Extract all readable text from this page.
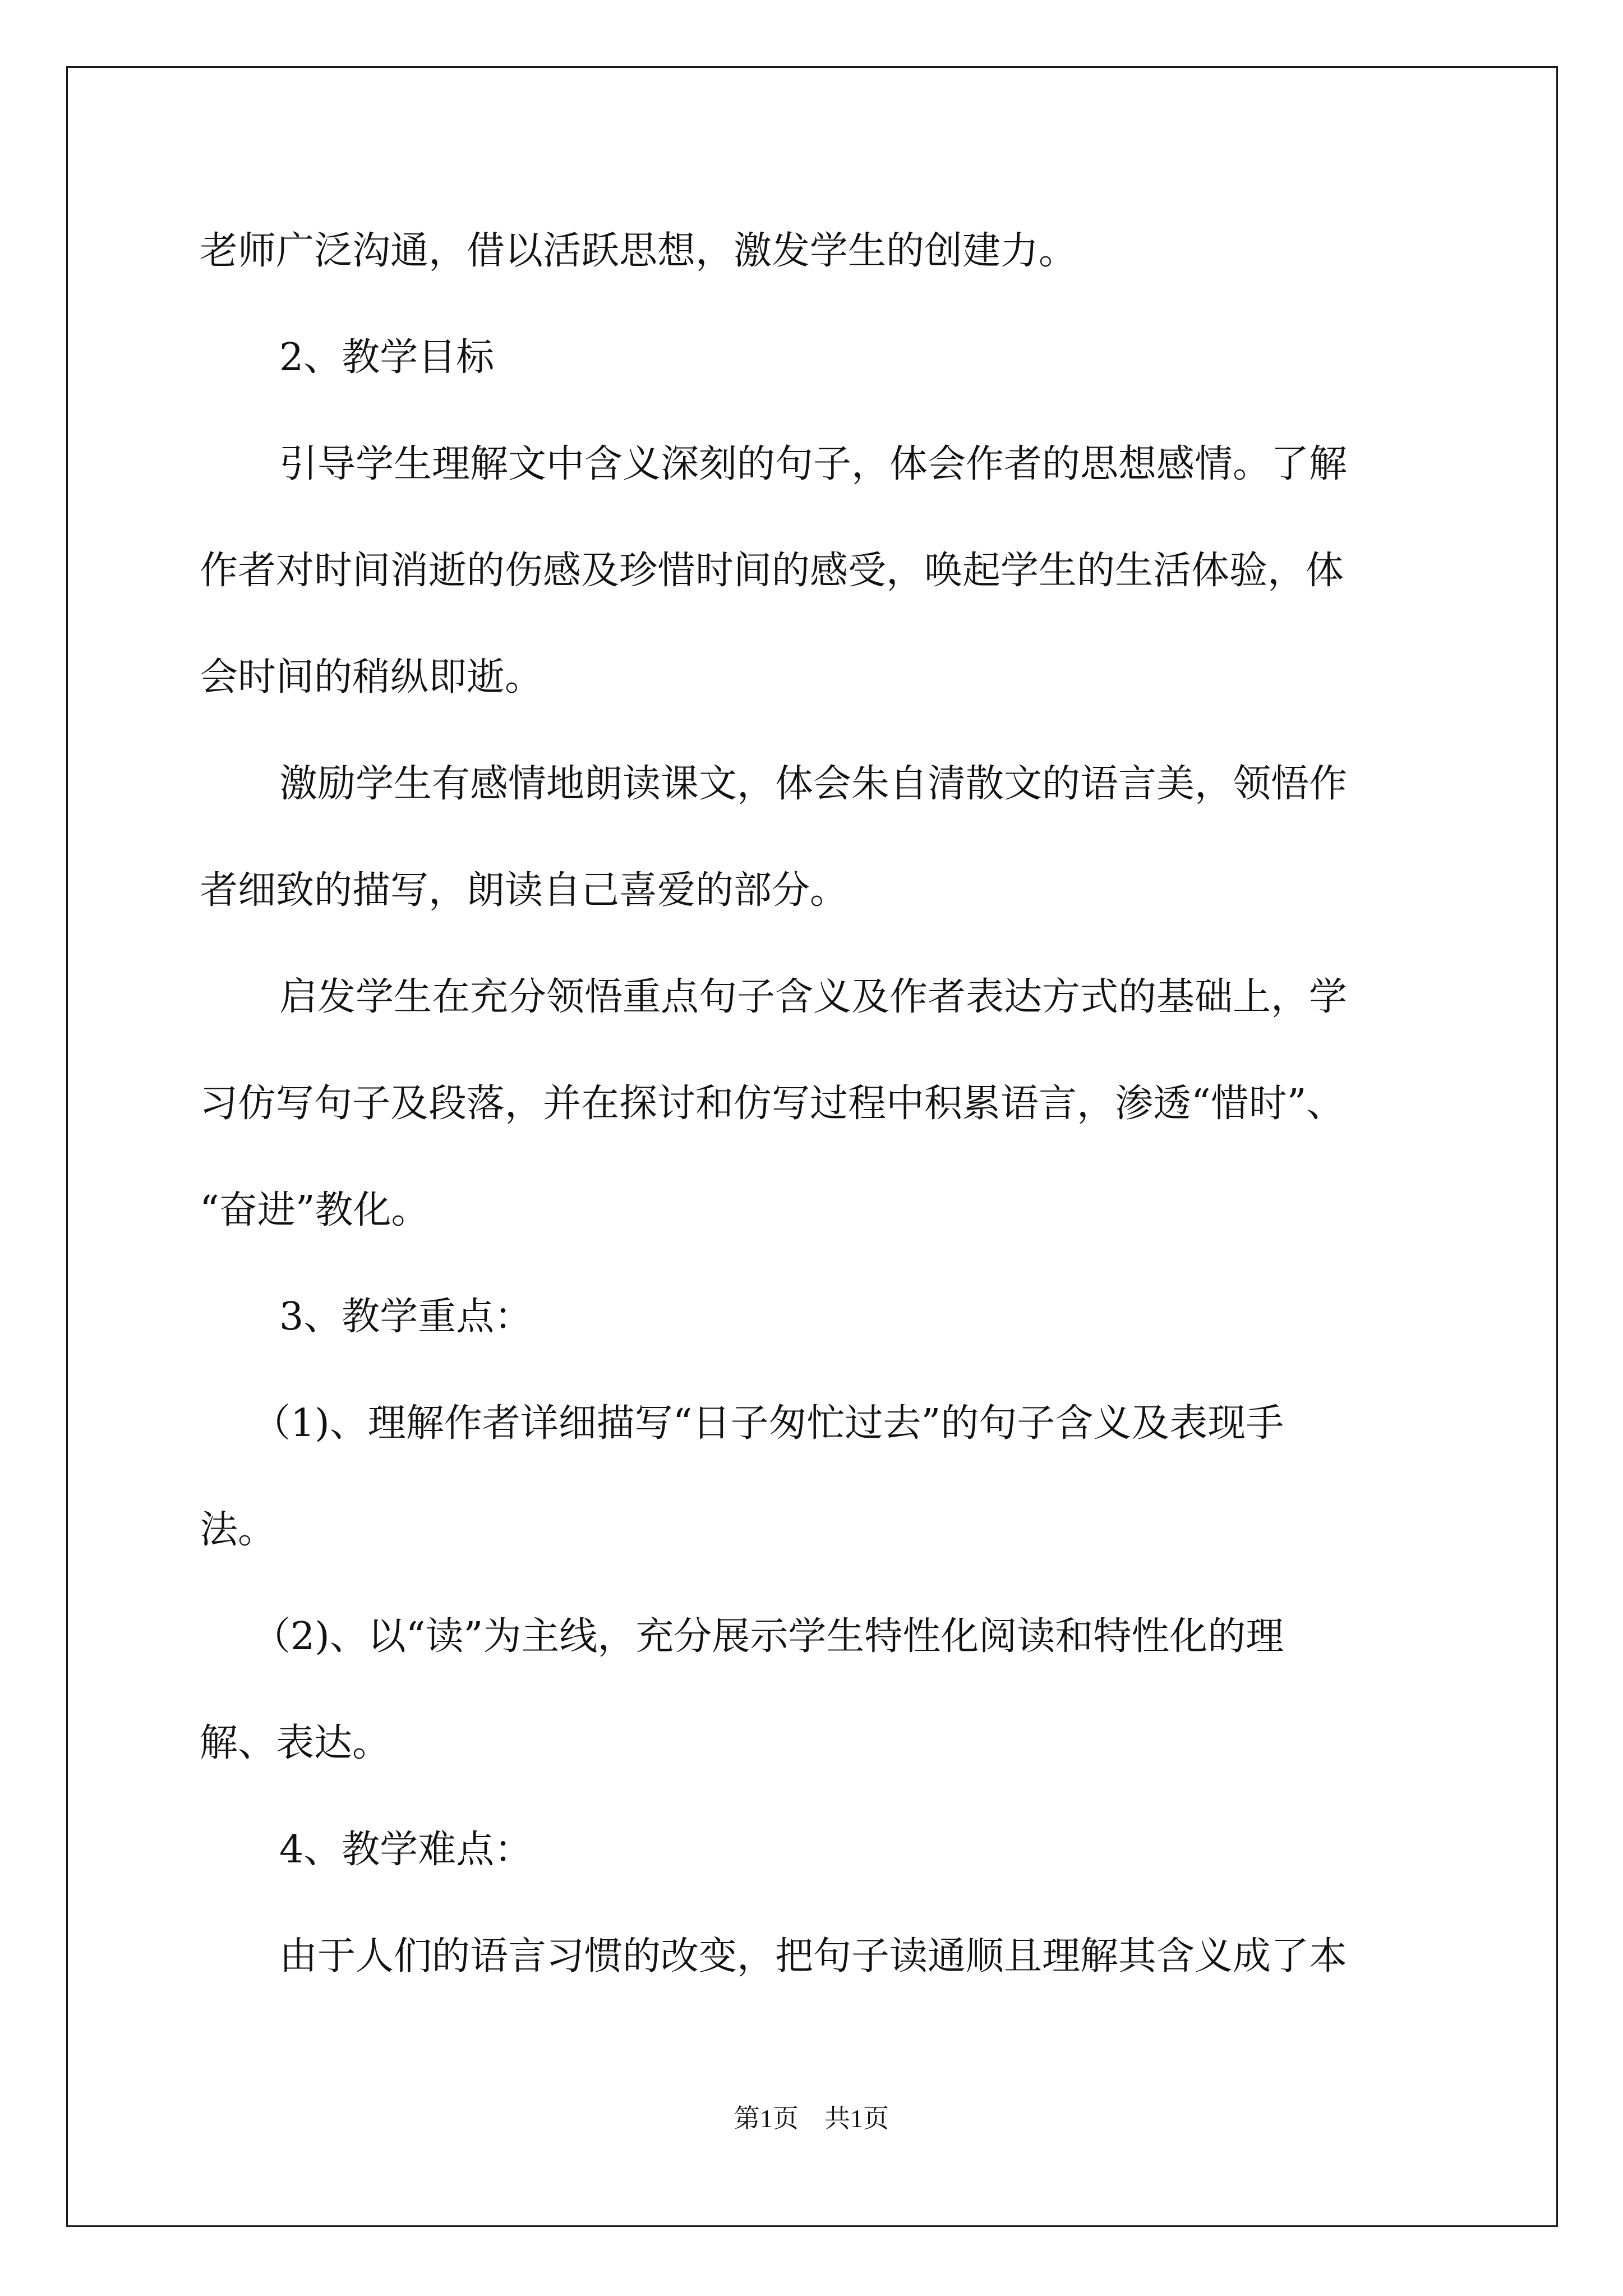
老师广泛沟通，借以活跃思想，激发学生的创建力。

2、教学目标

引导学生理解文中含义深刻的句子，体会作者的思想感情。了解

作者对时间消逝的伤感及珍惜时间的感受，唤起学生的生活体验，体

会时间的稍纵即逝。

激励学生有感情地朗读课文，体会朱自清散文的语言美，领悟作

者细致的描写，朗读自己喜爱的部分。

启发学生在充分领悟重点句子含义及作者表达方式的基础上，学

习仿写句子及段落，并在探讨和仿写过程中积累语言，渗透“惜时”、

“奋进”教化。

3、教学重点：

（1)、理解作者详细描写“日子匆忙过去”的句子含义及表现手

法。

（2)、以“读”为主线，充分展示学生特性化阅读和特性化的理

解、表达。

4、教学难点：

由于人们的语言习惯的改变，把句子读通顺且理解其含义成了本

第1页　共1页
